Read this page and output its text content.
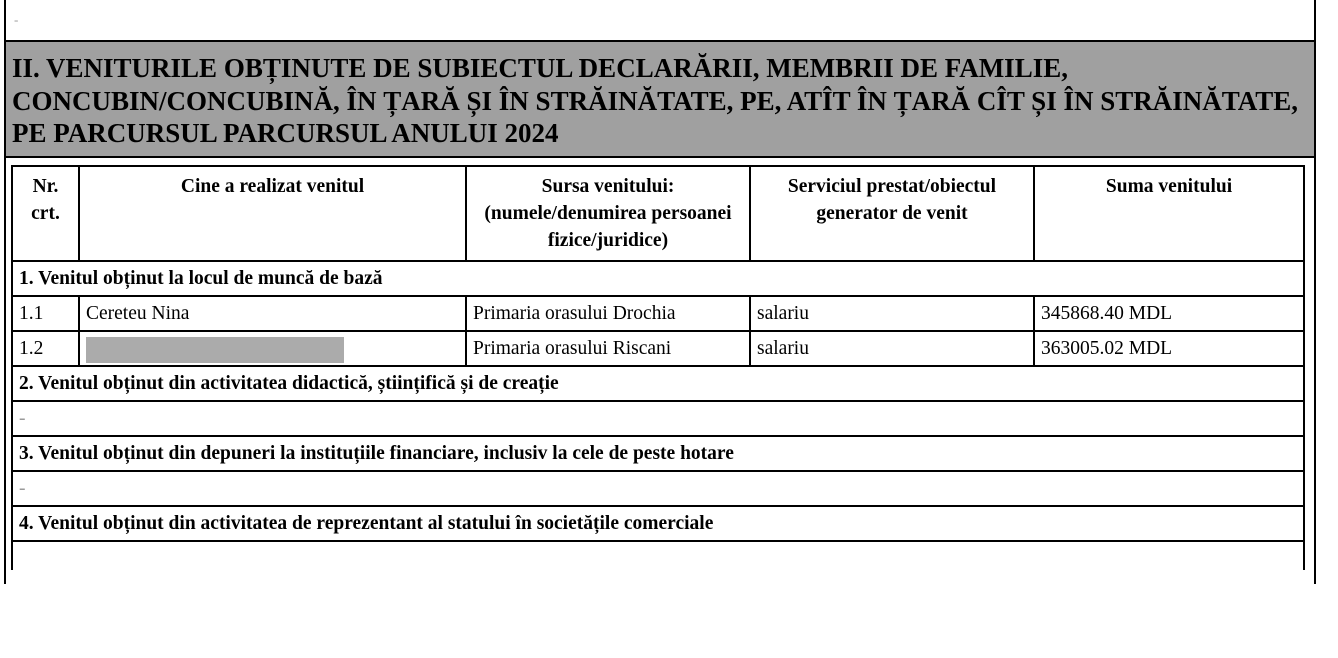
-
II. VENITURILE OBȚINUTE DE SUBIECTUL DECLARĂRII, MEMBRII DE FAMILIE, CONCUBIN/CONCUBINĂ, ÎN ȚARĂ ȘI ÎN STRĂINĂTATE, PE, ATÎT ÎN ȚARĂ CÎT ȘI ÎN STRĂINĂTATE, PE PARCURSUL PARCURSUL ANULUI 2024
Nr. crt.	Cine a realizat venitul	Sursa venitului: (numele/denumirea persoanei fizice/juridice)	Serviciul prestat/obiectul generator de venit	Suma venitului
1. Venitul obținut la locul de muncă de bază				
1.1	Cereteu Nina	Primaria orasului Drochia	salariu	345868.40 MDL
1.2		Primaria orasului Riscani	salariu	363005.02 MDL
2. Venitul obținut din activitatea didactică, științifică și de creație				
-				
3. Venitul obținut din depuneri la instituțiile financiare, inclusiv la cele de peste hotare				
-				
4. Venitul obținut din activitatea de reprezentant al statului în societățile comerciale				
